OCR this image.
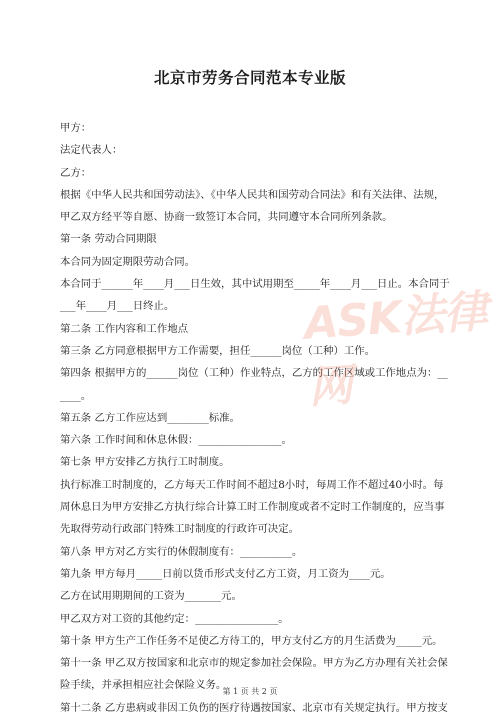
北京市劳务合同范本专业版
甲方：
法定代表人：
乙方：
根据《中华人民共和国劳动法》、《中华人民共和国劳动合同法》和有关法律、法规，
甲乙双方经平等自愿、协商一致签订本合同，共同遵守本合同所列条款。
第一条 劳动合同期限
本合同为固定期限劳动合同。
本合同于______年____月___日生效，其中试用期至_____年____月___日止。本合同于
___年____月___日终止。
第二条 工作内容和工作地点
第三条 乙方同意根据甲方工作需要，担任______岗位（工种）工作。
第四条 根据甲方的______岗位（工种）作业特点，乙方的工作区域或工作地点为：__
____。
第五条 乙方工作应达到________标准。
第六条 工作时间和休息休假：________________。
第七条 甲方安排乙方执行工时制度。
执行标准工时制度的，乙方每天工作时间不超过8小时，每周工作不超过40小时。每
周休息日为甲方安排乙方执行综合计算工时工作制度或者不定时工作制度的，应当事
先取得劳动行政部门特殊工时制度的行政许可决定。
第八条 甲方对乙方实行的休假制度有：__________。
第九条 甲方每月_____日前以货币形式支付乙方工资，月工资为____元。
乙方在试用期期间的工资为_______元。
甲乙双方对工资的其他约定：________________。
第十条 甲方生产工作任务不足使乙方待工的，甲方支付乙方的月生活费为_____元。
第十一条 甲乙双方按国家和北京市的规定参加社会保险。甲方为乙方办理有关社会保
险手续，并承担相应社会保险义务。
第十二条 乙方患病或非因工负伤的医疗待遇按国家、北京市有关规定执行。甲方按支
ASK法律网
第 1 页 共 2 页
